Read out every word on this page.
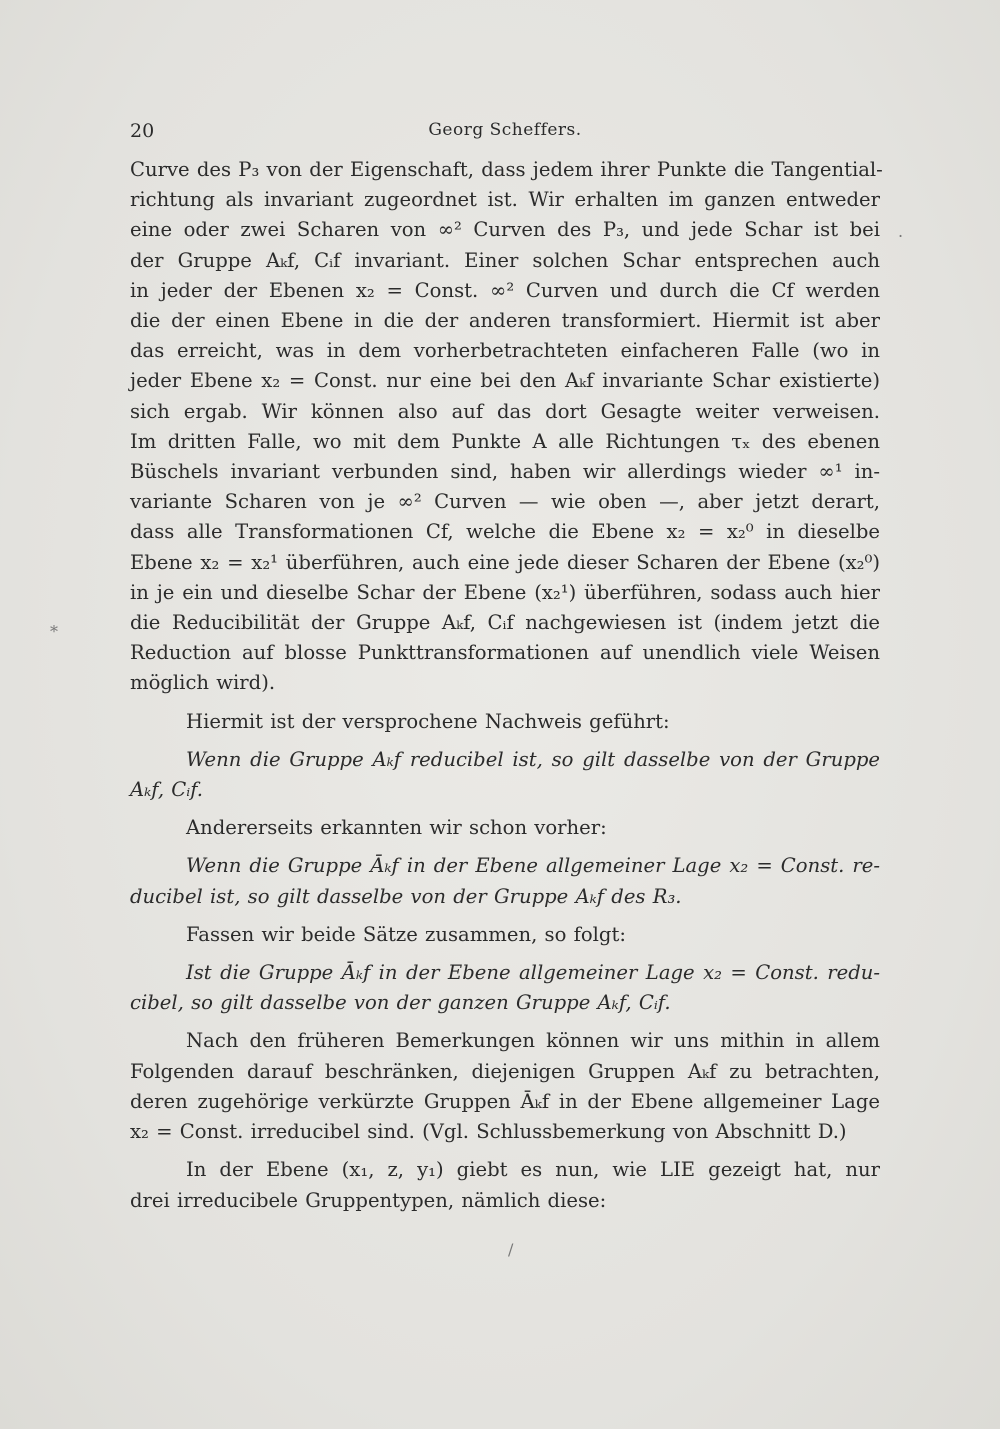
20	Georg Scheffers.
Curve des P₃ von der Eigenschaft, dass jedem ihrer Punkte die Tangential-
richtung als invariant zugeordnet ist. Wir erhalten im ganzen entweder
eine oder zwei Scharen von ∞² Curven des P₃, und jede Schar ist bei
der Gruppe Aₖf, Cᵢf invariant. Einer solchen Schar entsprechen auch
in jeder der Ebenen x₂ = Const. ∞² Curven und durch die Cf werden
die der einen Ebene in die der anderen transformiert. Hiermit ist aber
das erreicht, was in dem vorherbetrachteten einfacheren Falle (wo in
jeder Ebene x₂ = Const. nur eine bei den Aₖf invariante Schar existierte)
sich ergab. Wir können also auf das dort Gesagte weiter verweisen.
Im dritten Falle, wo mit dem Punkte A alle Richtungen τₓ des ebenen
Büschels invariant verbunden sind, haben wir allerdings wieder ∞¹ in-
variante Scharen von je ∞² Curven — wie oben —, aber jetzt derart,
dass alle Transformationen Cf, welche die Ebene x₂ = x₂⁰ in dieselbe
Ebene x₂ = x₂¹ überführen, auch eine jede dieser Scharen der Ebene (x₂⁰)
in je ein und dieselbe Schar der Ebene (x₂¹) überführen, sodass auch hier
die Reducibilität der Gruppe Aₖf, Cᵢf nachgewiesen ist (indem jetzt die
Reduction auf blosse Punkttransformationen auf unendlich viele Weisen
möglich wird).
Hiermit ist der versprochene Nachweis geführt:
Wenn die Gruppe Aₖf reducibel ist, so gilt dasselbe von der Gruppe
Aₖf, Cᵢf.
Andererseits erkannten wir schon vorher:
Wenn die Gruppe Āₖf in der Ebene allgemeiner Lage x₂ = Const. re-
ducibel ist, so gilt dasselbe von der Gruppe Aₖf des R₃.
Fassen wir beide Sätze zusammen, so folgt:
Ist die Gruppe Āₖf in der Ebene allgemeiner Lage x₂ = Const. redu-
cibel, so gilt dasselbe von der ganzen Gruppe Aₖf, Cᵢf.
Nach den früheren Bemerkungen können wir uns mithin in allem
Folgenden darauf beschränken, diejenigen Gruppen Aₖf zu betrachten,
deren zugehörige verkürzte Gruppen Āₖf in der Ebene allgemeiner Lage
x₂ = Const. irreducibel sind. (Vgl. Schlussbemerkung von Abschnitt D.)
In der Ebene (x₁, z, y₁) giebt es nun, wie LIE gezeigt hat, nur
drei irreducibele Gruppentypen, nämlich diese:
.
*
/
